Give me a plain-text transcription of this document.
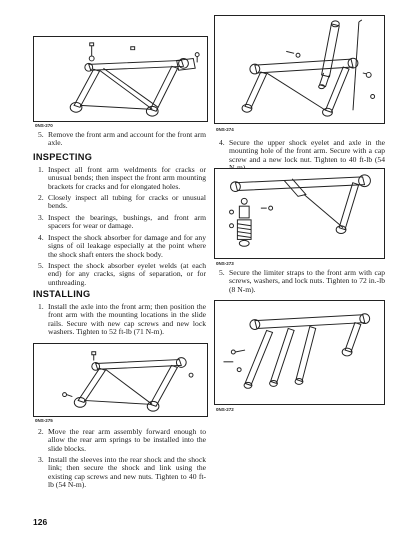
0NS-270
5. Remove the front arm and account for the front arm axle.
INSPECTING
1. Inspect all front arm weldments for cracks or unusual bends; then inspect the front arm mounting brackets for cracks and for elongated holes.
2. Closely inspect all tubing for cracks or unusual bends.
3. Inspect the bearings, bushings, and front arm spacers for wear or damage.
4. Inspect the shock absorber for damage and for any signs of oil leakage especially at the point where the shock shaft enters the shock body.
5. Inspect the shock absorber eyelet welds (at each end) for any cracks, signs of separation, or for unthreading.
INSTALLING
1. Install the axle into the front arm; then position the front arm with the mounting locations in the slide rails. Secure with new cap screws and new lock washers. Tighten to 52 ft-lb (71 N-m).
0NS-275
2. Move the rear arm assembly forward enough to allow the rear arm springs to be installed into the slide blocks.
3. Install the sleeves into the rear shock and the shock link; then secure the shock and link using the existing cap screws and new nuts. Tighten to 40 ft-lb (54 N-m).
126
0NS-274
4. Secure the upper shock eyelet and axle in the mounting hole of the front arm. Secure with a cap screw and a new lock nut. Tighten to 40 ft-lb (54
0NS-273
5. Secure the limiter straps to the front arm with cap screws, washers, and lock nuts. Tighten to 72 in.-lb (8 N-m).
0NS-272
